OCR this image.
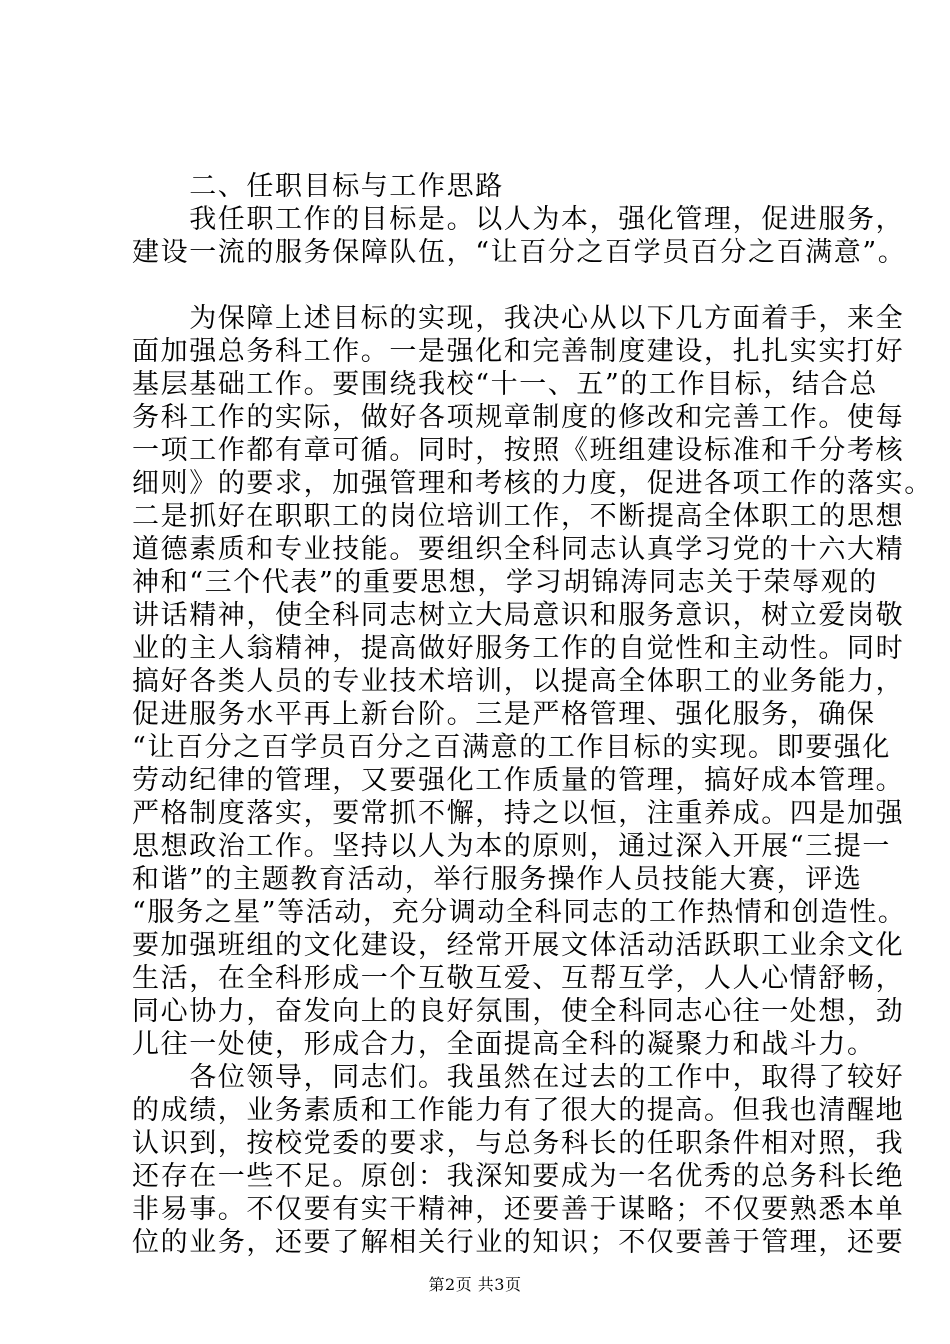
　　二、任职目标与工作思路
　　我任职工作的目标是。以人为本，强化管理，促进服务，
建设一流的服务保障队伍，“让百分之百学员百分之百满意”。
　　为保障上述目标的实现，我决心从以下几方面着手，来全
面加强总务科工作。一是强化和完善制度建设，扎扎实实打好
基层基础工作。要围绕我校“十一、五”的工作目标，结合总
务科工作的实际，做好各项规章制度的修改和完善工作。使每
一项工作都有章可循。同时，按照《班组建设标准和千分考核
细则》的要求，加强管理和考核的力度，促进各项工作的落实。
二是抓好在职职工的岗位培训工作，不断提高全体职工的思想
道德素质和专业技能。要组织全科同志认真学习党的十六大精
神和“三个代表”的重要思想，学习胡锦涛同志关于荣辱观的
讲话精神，使全科同志树立大局意识和服务意识，树立爱岗敬
业的主人翁精神，提高做好服务工作的自觉性和主动性。同时
搞好各类人员的专业技术培训，以提高全体职工的业务能力，
促进服务水平再上新台阶。三是严格管理、强化服务，确保
“让百分之百学员百分之百满意的工作目标的实现。即要强化
劳动纪律的管理，又要强化工作质量的管理，搞好成本管理。
严格制度落实，要常抓不懈，持之以恒，注重养成。四是加强
思想政治工作。坚持以人为本的原则，通过深入开展“三提一
和谐”的主题教育活动，举行服务操作人员技能大赛，评选
“服务之星”等活动，充分调动全科同志的工作热情和创造性。
要加强班组的文化建设，经常开展文体活动活跃职工业余文化
生活，在全科形成一个互敬互爱、互帮互学，人人心情舒畅，
同心协力，奋发向上的良好氛围，使全科同志心往一处想，劲
儿往一处使，形成合力，全面提高全科的凝聚力和战斗力。
　　各位领导，同志们。我虽然在过去的工作中，取得了较好
的成绩，业务素质和工作能力有了很大的提高。但我也清醒地
认识到，按校党委的要求，与总务科长的任职条件相对照，我
还存在一些不足。原创：我深知要成为一名优秀的总务科长绝
非易事。不仅要有实干精神，还要善于谋略；不仅要熟悉本单
位的业务，还要了解相关行业的知识；不仅要善于管理，还要
第2页 共3页
